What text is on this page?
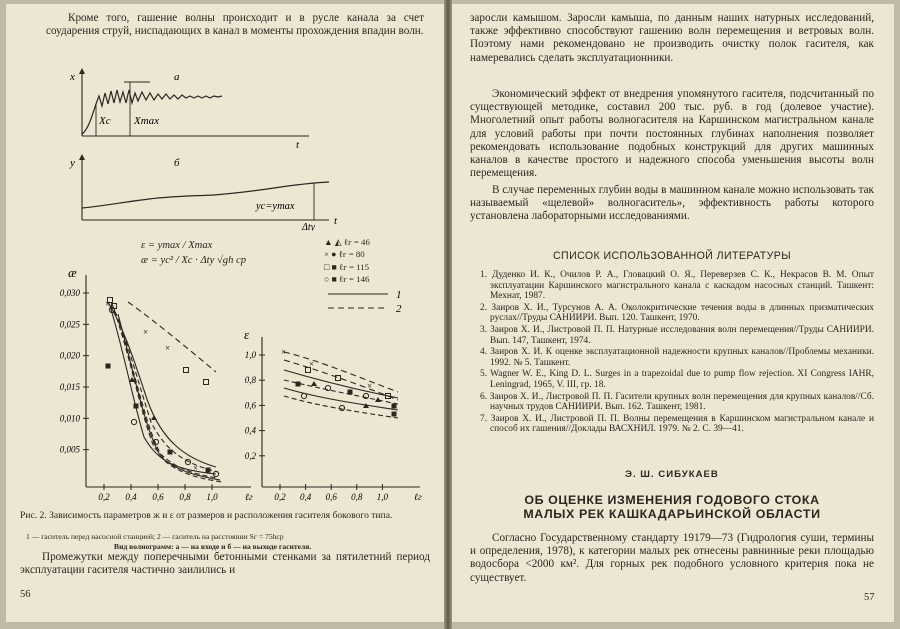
Кроме того, гашение волны происходит и в русле канала за счет соударения струй, ниспадающих в канал в моменты прохождения впадин волн.
x
t
а
Xc Xmax
y
t
б
yc=ymax
Δty
ε = ymax / Xmax
æ = yc² / Xc · Δty √gh cp
▲ ◭ ℓг = 46
× ● ℓг = 80
□ ■ ℓг = 115
○ ■ ℓг = 146
1
2
æ
0,030
0,025
0,020
0,015
0,010
0,005
0,2 0,4 0,6 0,8 1,0	ℓг
×
×
×
×
ε
1,0
0,8
0,6
0,4
0,2
0,2 0,4 0,6 0,8 1,0	ℓг
×
×
×
Рис. 2. Зависимость параметров ж и ε от размеров и расположения гасителя бокового типа.
1 — гаситель перед насосной станцией; 2 — гаситель на расстоянии Sг = 75hcp
Вид волнограмм: а — на входе и б — на выходе гасителя.
Промежутки между поперечными бетонными стенками за пятилетний период эксплуатации гасителя частично заилились и
56
заросли камышом. Заросли камыша, по данным наших натурных исследований, также эффективно способствуют гашению волн перемещения и ветровых волн. Поэтому нами рекомендовано не производить очистку полок гасителя, как намеревались сделать эксплуатационники.
Экономический эффект от внедрения упомянутого гасителя, подсчитанный по существующей методике, составил 200 тыс. руб. в год (долевое участие). Многолетний опыт работы волногасителя на Каршинском магистральном канале для условий работы при почти постоянных глубинах наполнения позволяет рекомендовать использование подобных конструкций для других машинных каналов в качестве простого и надежного способа уменьшения высоты волн перемещения.
В случае переменных глубин воды в машинном канале можно использовать так называемый «щелевой» волногаситель», эффективность работы которого установлена лабораторными исследованиями.
СПИСОК ИСПОЛЬЗОВАННОЙ ЛИТЕРАТУРЫ
1. Дуденко И. К., Очилов Р. А., Гловацкий О. Я., Переверзев С. К., Некрасов В. М. Опыт эксплуатации Каршинского магистрального канала с каскадом насосных станций. Ташкент: Мехнат, 1987.
2. Заиров Х. И., Турсунов А. А. Околокритические течения воды в длинных призматических руслах//Труды САНИИРИ. Вып. 120. Ташкент, 1970.
3. Заиров Х. И., Листровой П. П. Натурные исследования волн перемещения//Труды САНИИРИ. Вып. 147, Ташкент, 1974.
4. Заиров Х. И. К оценке эксплуатационной надежности крупных каналов//Проблемы механики. 1992. № 5. Ташкент.
5. Wagner W. E., King D. L. Surges in a trapezoidal due to pump flow rejection. XI Congress IAHR, Leningrad, 1965, V. III, гр. 18.
6. Заиров Х. И., Листровой П. П. Гасители крупных волн перемещения для крупных каналов//Сб. научных трудов САНИИРИ. Вып. 162. Ташкент, 1981.
7. Заиров Х. И., Листровой П. П. Волны перемещения в Каршинском магистральном канале и способ их гашения//Доклады ВАСХНИЛ. 1979. № 2. С. 39—41.
Э. Ш. СИБУКАЕВ
ОБ ОЦЕНКЕ ИЗМЕНЕНИЯ ГОДОВОГО СТОКА
МАЛЫХ РЕК КАШКАДАРЬИНСКОЙ ОБЛАСТИ
Согласно Государственному стандарту 19179—73 (Гидрология суши, термины и определения, 1978), к категории малых рек отнесены равнинные реки площадью водосбора <2000 км². Для горных рек подобного условного критерия пока не существует.
57
